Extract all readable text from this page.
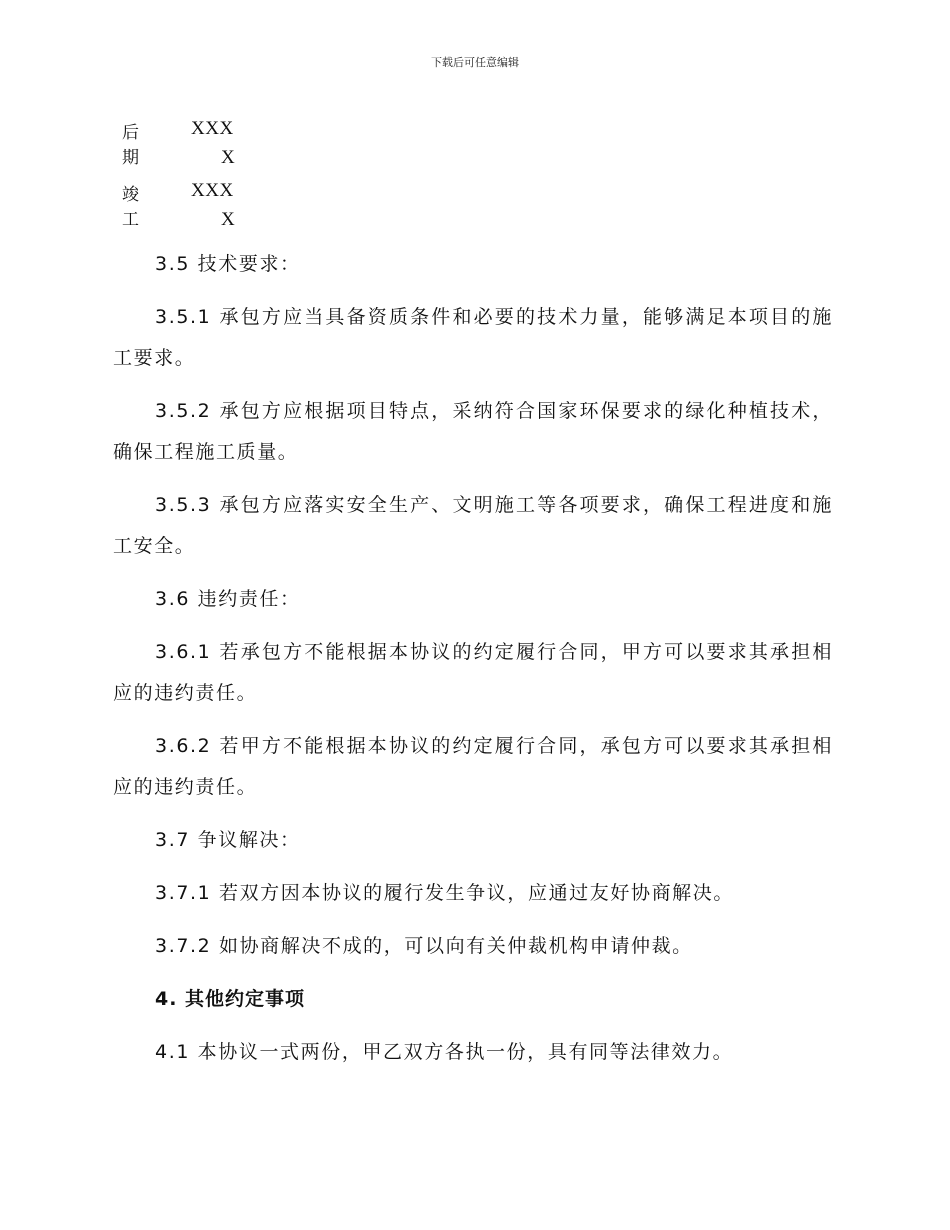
下载后可任意编辑
后期
XXX
X
竣工
XXX
X

3.5 技术要求：

3.5.1 承包方应当具备资质条件和必要的技术力量，能够满足本项目的施工要求。

3.5.2 承包方应根据项目特点，采纳符合国家环保要求的绿化种植技术，确保工程施工质量。

3.5.3 承包方应落实安全生产、文明施工等各项要求，确保工程进度和施工安全。

3.6 违约责任：

3.6.1 若承包方不能根据本协议的约定履行合同，甲方可以要求其承担相应的违约责任。

3.6.2 若甲方不能根据本协议的约定履行合同，承包方可以要求其承担相应的违约责任。

3.7 争议解决：

3.7.1 若双方因本协议的履行发生争议，应通过友好协商解决。

3.7.2 如协商解决不成的，可以向有关仲裁机构申请仲裁。

4. 其他约定事项

4.1 本协议一式两份，甲乙双方各执一份，具有同等法律效力。
